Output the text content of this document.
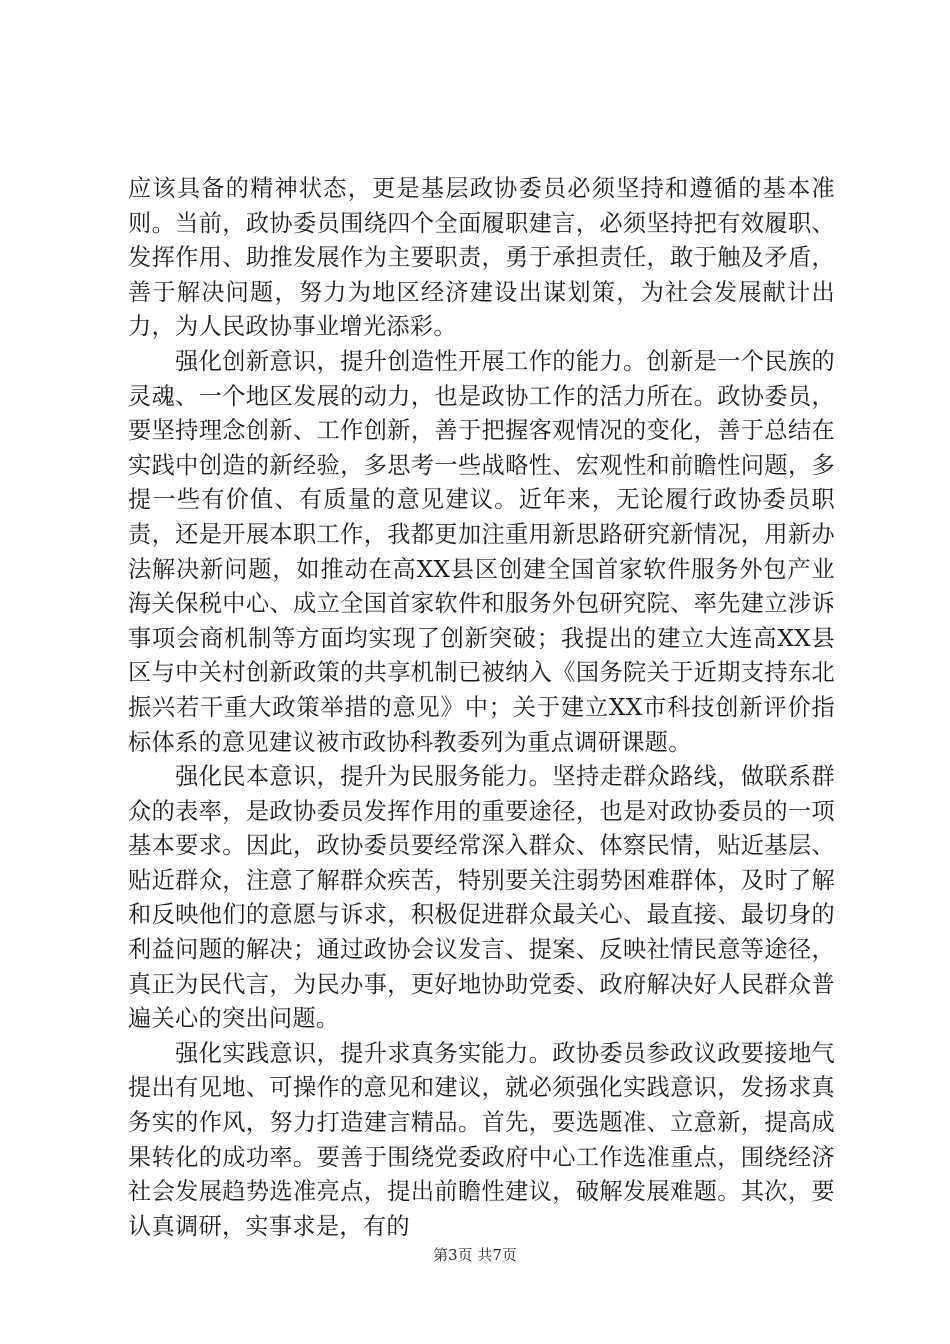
应该具备的精神状态，更是基层政协委员必须坚持和遵循的基本准则。当前，政协委员围绕四个全面履职建言，必须坚持把有效履职、发挥作用、助推发展作为主要职责，勇于承担责任，敢于触及矛盾，善于解决问题，努力为地区经济建设出谋划策，为社会发展献计出力，为人民政协事业增光添彩。

　　强化创新意识，提升创造性开展工作的能力。创新是一个民族的灵魂、一个地区发展的动力，也是政协工作的活力所在。政协委员，要坚持理念创新、工作创新，善于把握客观情况的变化，善于总结在实践中创造的新经验，多思考一些战略性、宏观性和前瞻性问题，多提一些有价值、有质量的意见建议。近年来，无论履行政协委员职责，还是开展本职工作，我都更加注重用新思路研究新情况，用新办法解决新问题，如推动在高XX县区创建全国首家软件服务外包产业海关保税中心、成立全国首家软件和服务外包研究院、率先建立涉诉事项会商机制等方面均实现了创新突破；我提出的建立大连高XX县区与中关村创新政策的共享机制已被纳入《国务院关于近期支持东北振兴若干重大政策举措的意见》中；关于建立XX市科技创新评价指标体系的意见建议被市政协科教委列为重点调研课题。

　　强化民本意识，提升为民服务能力。坚持走群众路线，做联系群众的表率，是政协委员发挥作用的重要途径，也是对政协委员的一项基本要求。因此，政协委员要经常深入群众、体察民情，贴近基层、贴近群众，注意了解群众疾苦，特别要关注弱势困难群体，及时了解和反映他们的意愿与诉求，积极促进群众最关心、最直接、最切身的利益问题的解决；通过政协会议发言、提案、反映社情民意等途径，真正为民代言，为民办事，更好地协助党委、政府解决好人民群众普遍关心的突出问题。

　　强化实践意识，提升求真务实能力。政协委员参政议政要接地气提出有见地、可操作的意见和建议，就必须强化实践意识，发扬求真务实的作风，努力打造建言精品。首先，要选题准、立意新，提高成果转化的成功率。要善于围绕党委政府中心工作选准重点，围绕经济社会发展趋势选准亮点，提出前瞻性建议，破解发展难题。其次，要认真调研，实事求是，有的

第3页 共7页
